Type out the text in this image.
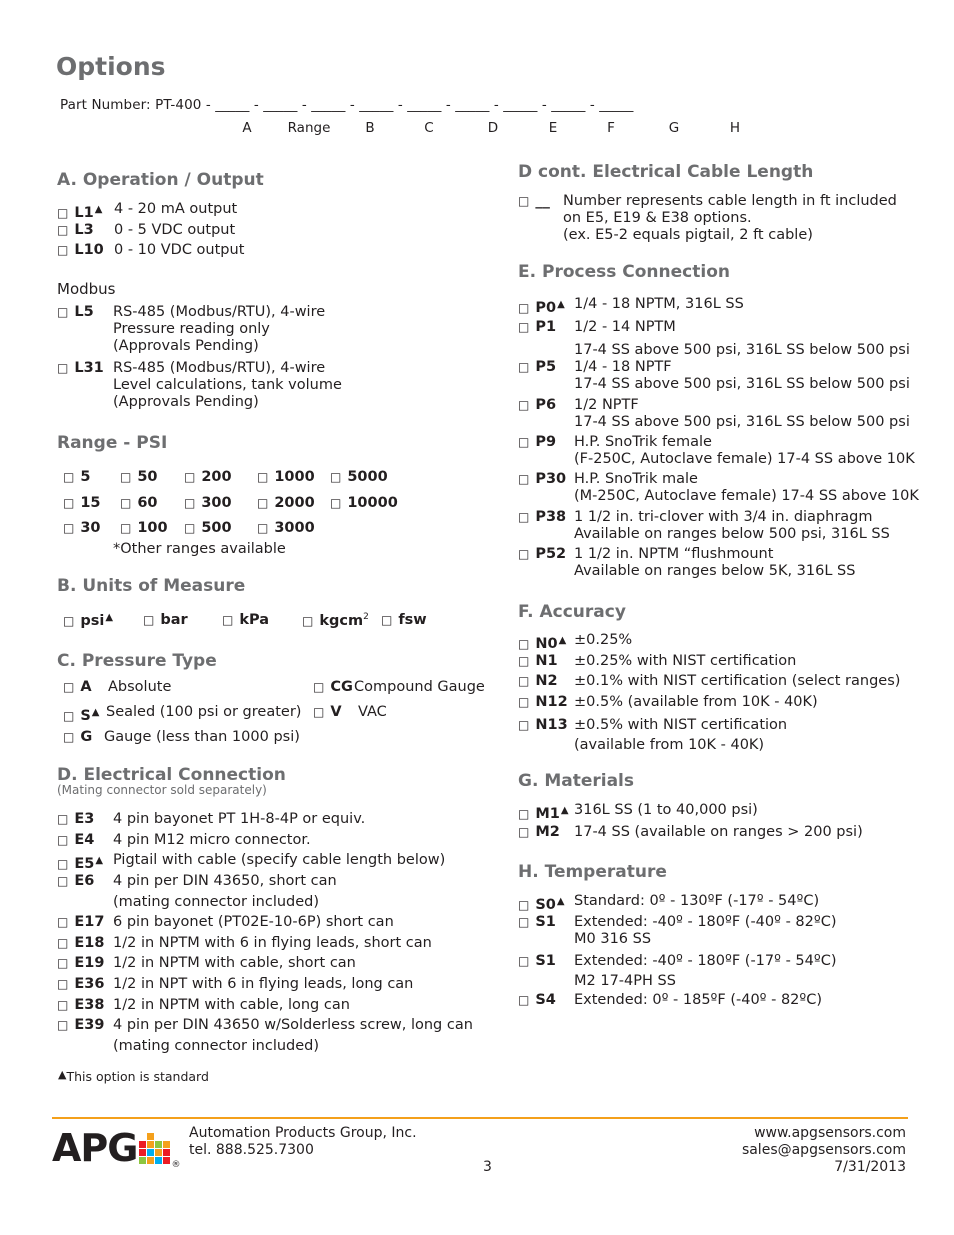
Options
Part Number: PT-400 - _____ - _____ - _____ - _____ - _____ - _____ - _____ - _____ - _____
A	Range	B	C	D	E	F	G	H
A. Operation / Output
□ L1▲ 4 - 20 mA output
□ L3	0 - 5 VDC output
□ L10 0 - 10 VDC output
Modbus
□ L5	RS-485 (Modbus/RTU), 4-wire
Pressure reading only
(Approvals Pending)
□ L31 RS-485 (Modbus/RTU), 4-wire
Level calculations, tank volume
(Approvals Pending)
Range - PSI
□ 5 □ 50 □ 200 □ 1000 □ 5000
□ 15 □ 60 □ 300 □ 2000 □ 10000
□ 30 □ 100 □ 500 □ 3000
*Other ranges available
B. Units of Measure
□ psi▲ □ bar	□ kPa	□ kgcm$^2$ □ fsw
C. Pressure Type
□ A	Absolute	□ CG Compound Gauge
□ S▲ Sealed (100 psi or greater) □ V	VAC
□ G Gauge (less than 1000 psi)
D. Electrical Connection
(Mating connector sold separately)
□ E3	4 pin bayonet PT 1H-8-4P or equiv.
□ E4	4 pin M12 micro connector.
□ E5▲ Pigtail with cable (specify cable length below)
□ E6	4 pin per DIN 43650, short can
(mating connector included)
□ E17 6 pin bayonet (PT02E-10-6P) short can
□ E18 1/2 in NPTM with 6 in flying leads, short can
□ E19 1/2 in NPTM with cable, short can
□ E36 1/2 in NPT with 6 in flying leads, long can
□ E38 1/2 in NPTM with cable, long can
□ E39 4 pin per DIN 43650 w/Solderless screw, long can
(mating connector included)
▲This option is standard
D cont. Electrical Cable Length
□ __ Number represents cable length in ft included
on E5, E19 & E38 options.
(ex. E5-2 equals pigtail, 2 ft cable)
E. Process Connection
□ P0▲ 1/4 - 18 NPTM, 316L SS
□ P1	1/2 - 14 NPTM
17-4 SS above 500 psi, 316L SS below 500 psi
□ P5	1/4 - 18 NPTF
17-4 SS above 500 psi, 316L SS below 500 psi
□ P6	1/2 NPTF
17-4 SS above 500 psi, 316L SS below 500 psi
□ P9	H.P. SnoTrik female
(F-250C, Autoclave female) 17-4 SS above 10K
□ P30 H.P. SnoTrik male
(M-250C, Autoclave female) 17-4 SS above 10K
□ P38 1 1/2 in. tri-clover with 3/4 in. diaphragm
Available on ranges below 500 psi, 316L SS
□ P52 1 1/2 in. NPTM “flushmount
Available on ranges below 5K, 316L SS
F. Accuracy
□ N0▲ ±0.25%
□ N1	±0.25% with NIST certification
□ N2	±0.1% with NIST certification (select ranges)
□ N12 ±0.5% (available from 10K - 40K)
□ N13 ±0.5% with NIST certification
(available from 10K - 40K)
G. Materials
□ M1▲ 316L SS (1 to 40,000 psi)
□ M2 17-4 SS (available on ranges > 200 psi)
H. Temperature
□ S0▲ Standard: 0º - 130ºF (-17º - 54ºC)
□ S1	Extended: -40º - 180ºF (-40º - 82ºC)
M0 316 SS
□ S1	Extended: -40º - 180ºF (-17º - 54ºC)
M2 17-4PH SS
□ S4	Extended: 0º - 185ºF (-40º - 82ºC)
APG	®
Automation Products Group, Inc.
tel. 888.525.7300
3
www.apgsensors.com
sales@apgsensors.com
7/31/2013
